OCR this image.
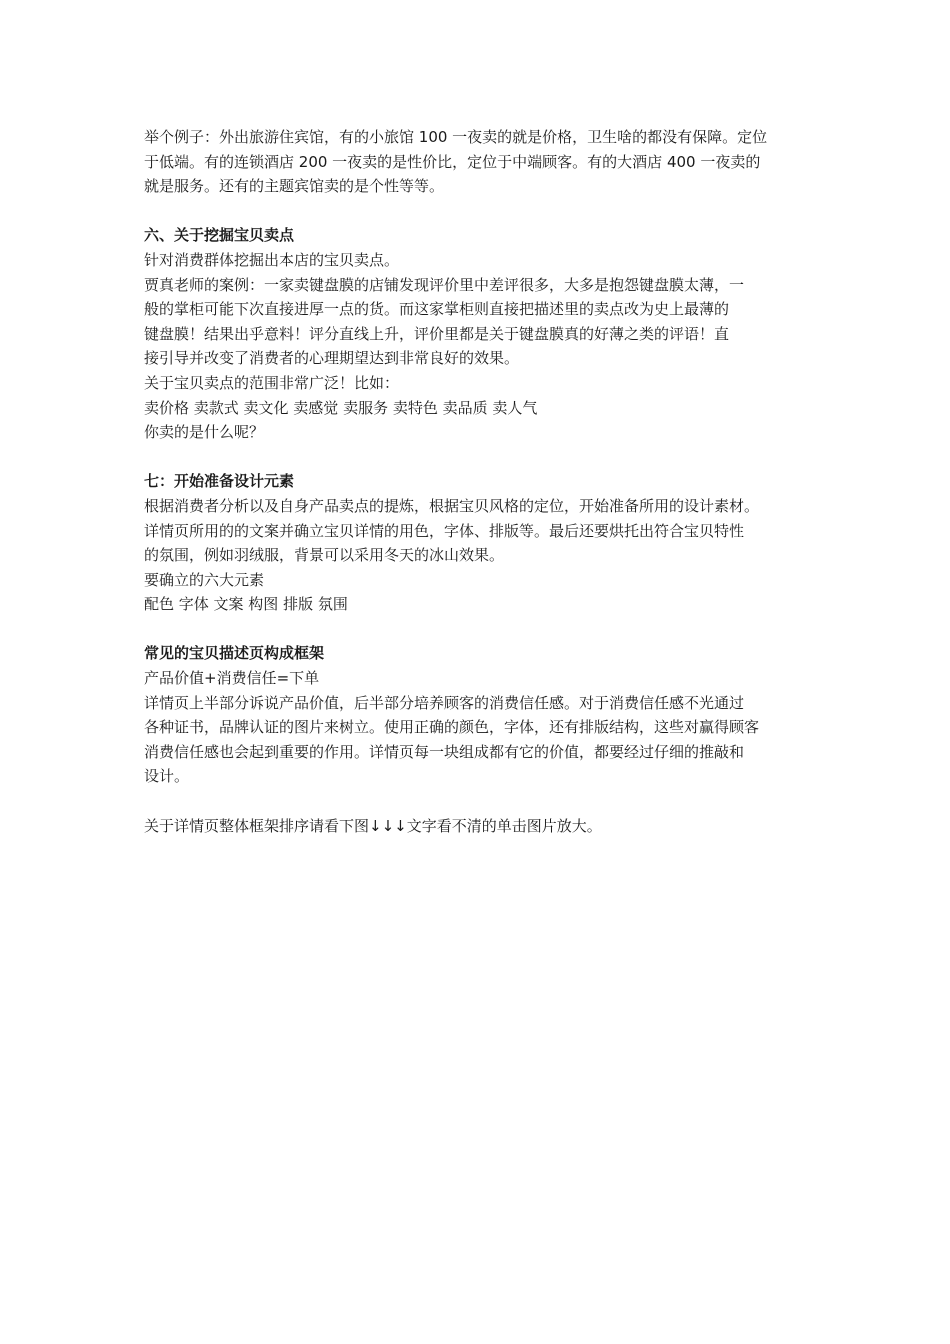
举个例子：外出旅游住宾馆，有的小旅馆 100 一夜卖的就是价格，卫生啥的都没有保障。定位

于低端。有的连锁酒店 200 一夜卖的是性价比，定位于中端顾客。有的大酒店 400 一夜卖的

就是服务。还有的主题宾馆卖的是个性等等。

六、关于挖掘宝贝卖点

针对消费群体挖掘出本店的宝贝卖点。

贾真老师的案例：一家卖键盘膜的店铺发现评价里中差评很多，大多是抱怨键盘膜太薄，一

般的掌柜可能下次直接进厚一点的货。而这家掌柜则直接把描述里的卖点改为史上最薄的

键盘膜！结果出乎意料！评分直线上升，评价里都是关于键盘膜真的好薄之类的评语！直

接引导并改变了消费者的心理期望达到非常良好的效果。

关于宝贝卖点的范围非常广泛！比如：

卖价格 卖款式 卖文化 卖感觉 卖服务 卖特色 卖品质 卖人气

你卖的是什么呢？

七：开始准备设计元素

根据消费者分析以及自身产品卖点的提炼，根据宝贝风格的定位，开始准备所用的设计素材。

详情页所用的的文案并确立宝贝详情的用色，字体、排版等。最后还要烘托出符合宝贝特性

的氛围，例如羽绒服，背景可以采用冬天的冰山效果。

要确立的六大元素

配色 字体 文案 构图 排版 氛围

常见的宝贝描述页构成框架

产品价值+消费信任=下单

详情页上半部分诉说产品价值，后半部分培养顾客的消费信任感。对于消费信任感不光通过

各种证书，品牌认证的图片来树立。使用正确的颜色，字体，还有排版结构，这些对赢得顾客

消费信任感也会起到重要的作用。详情页每一块组成都有它的价值，都要经过仔细的推敲和

设计。

关于详情页整体框架排序请看下图↓↓↓文字看不清的单击图片放大。
